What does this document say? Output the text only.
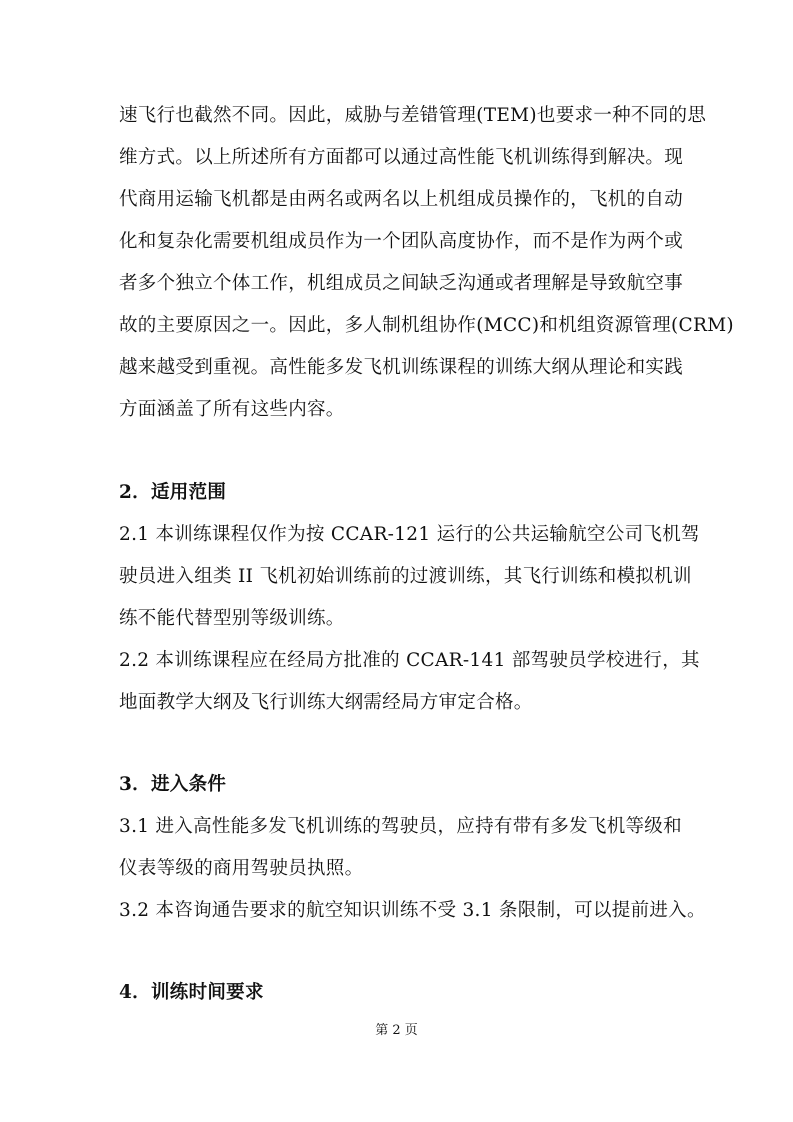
速飞行也截然不同。因此，威胁与差错管理(TEM)也要求一种不同的思
维方式。以上所述所有方面都可以通过高性能飞机训练得到解决。现
代商用运输飞机都是由两名或两名以上机组成员操作的，飞机的自动
化和复杂化需要机组成员作为一个团队高度协作，而不是作为两个或
者多个独立个体工作，机组成员之间缺乏沟通或者理解是导致航空事
故的主要原因之一。因此，多人制机组协作(MCC)和机组资源管理(CRM)
越来越受到重视。高性能多发飞机训练课程的训练大纲从理论和实践
方面涵盖了所有这些内容。
2．适用范围
2.1 本训练课程仅作为按 CCAR-121 运行的公共运输航空公司飞机驾
驶员进入组类 II 飞机初始训练前的过渡训练，其飞行训练和模拟机训
练不能代替型别等级训练。
2.2 本训练课程应在经局方批准的 CCAR-141 部驾驶员学校进行，其
地面教学大纲及飞行训练大纲需经局方审定合格。
3．进入条件
3.1 进入高性能多发飞机训练的驾驶员，应持有带有多发飞机等级和
仪表等级的商用驾驶员执照。
3.2 本咨询通告要求的航空知识训练不受 3.1 条限制，可以提前进入。
4．训练时间要求
第 2 页
